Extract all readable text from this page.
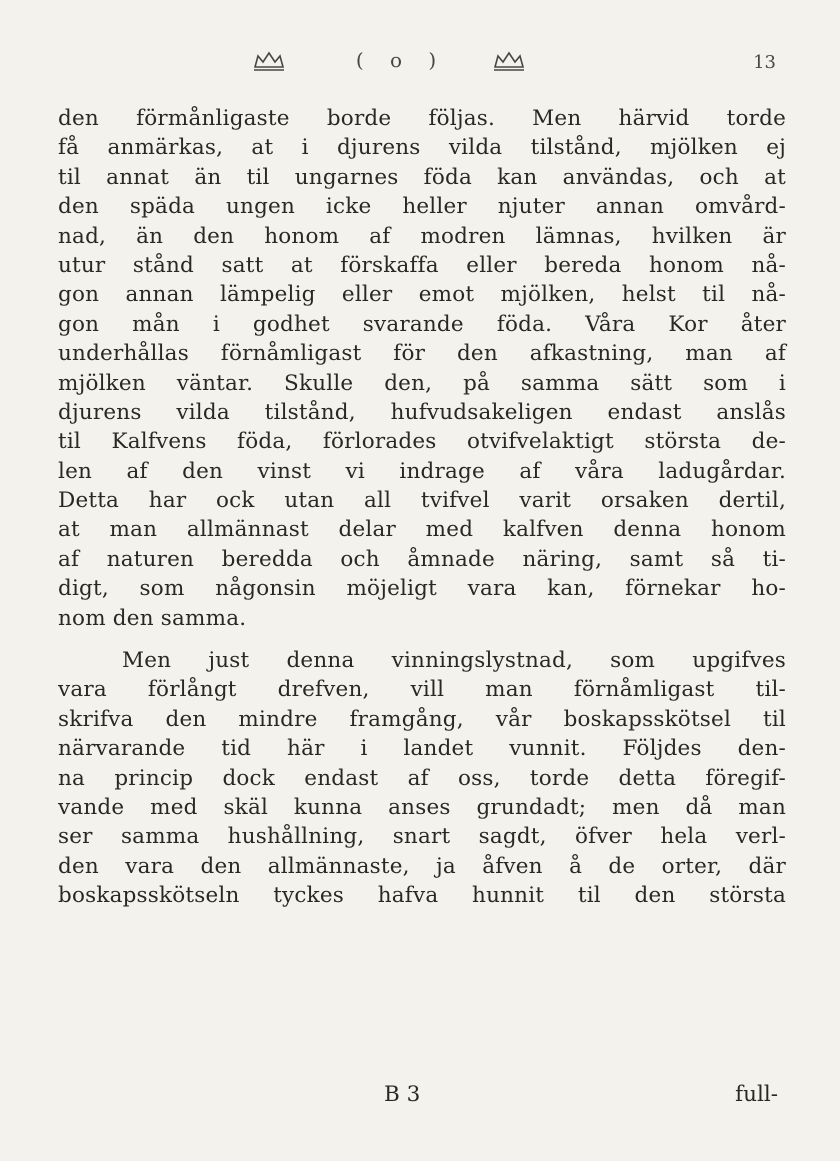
( o )	13
den förmånligaste borde följas. Men härvid torde
få anmärkas, at i djurens vilda tilstånd, mjölken ej
til annat än til ungarnes föda kan användas, och at
den späda ungen icke heller njuter annan omvård-
nad, än den honom af modren lämnas, hvilken är
utur stånd satt at förskaffa eller bereda honom nå-
gon annan lämpelig eller emot mjölken, helst til nå-
gon mån i godhet svarande föda. Våra Kor åter
underhållas förnåmligast för den afkastning, man af
mjölken väntar. Skulle den, på samma sätt som i
djurens vilda tilstånd, hufvudsakeligen endast anslås
til Kalfvens föda, förlorades otvifvelaktigt största de-
len af den vinst vi indrage af våra ladugårdar.
Detta har ock utan all tvifvel varit orsaken dertil,
at man allmännast delar med kalfven denna honom
af naturen beredda och åmnade näring, samt så ti-
digt, som någonsin möjeligt vara kan, förnekar ho-
nom den samma.
Men just denna vinningslystnad, som upgifves
vara förlångt drefven, vill man förnåmligast til-
skrifva den mindre framgång, vår boskapsskötsel til
närvarande tid här i landet vunnit. Följdes den-
na princip dock endast af oss, torde detta föregif-
vande med skäl kunna anses grundadt; men då man
ser samma hushållning, snart sagdt, öfver hela verl-
den vara den allmännaste, ja åfven å de orter, där
boskapsskötseln tyckes hafva hunnit til den största
B 3	full-
